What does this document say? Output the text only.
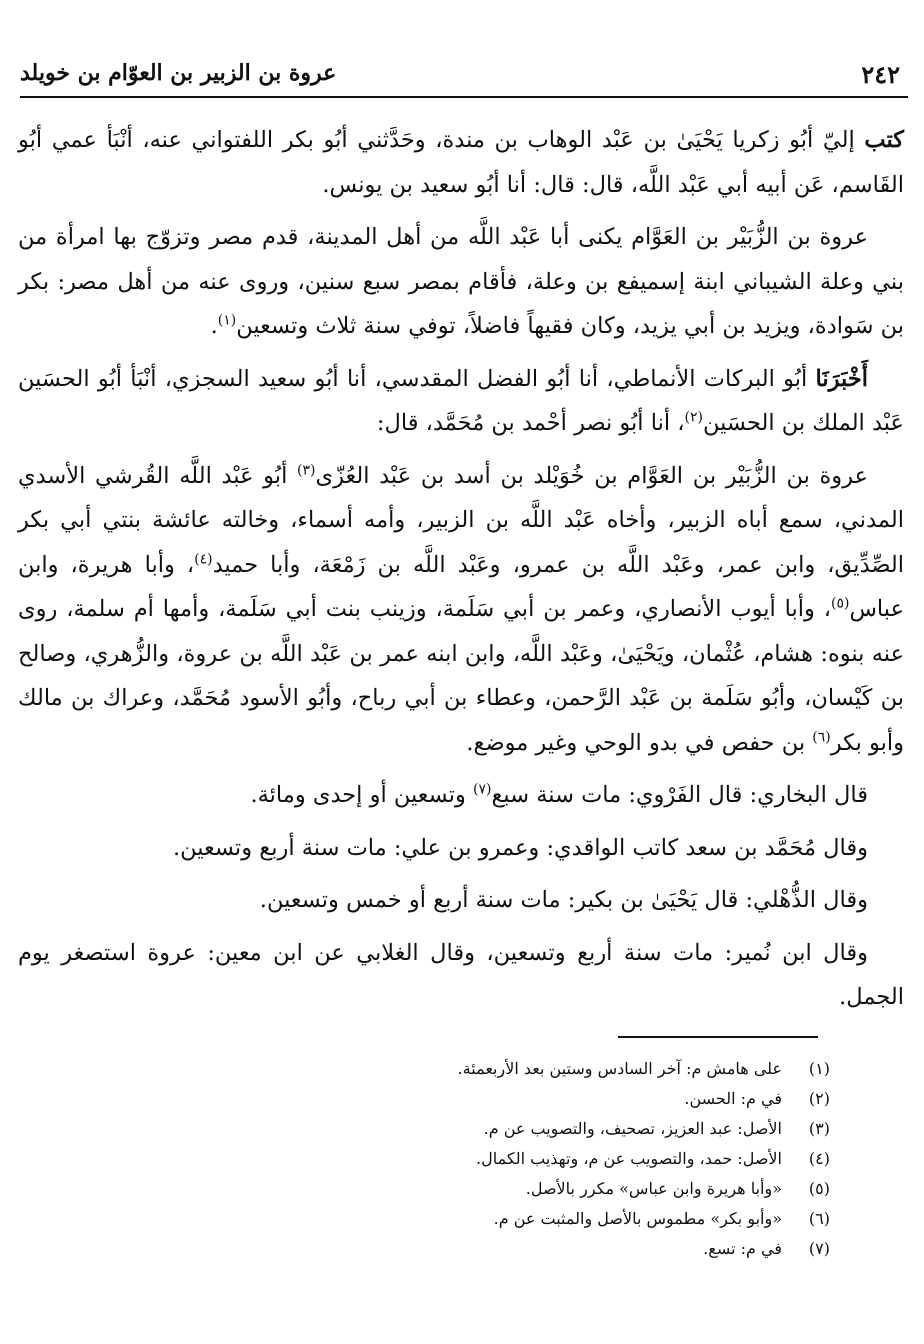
٢٤٢
عروة بن الزبير بن العوّام بن خويلد

كتب إليّ أبُو زكريا يَحْيَىٰ بن عَبْد الوهاب بن مندة، وحَدَّثني أبُو بكر اللفتواني عنه، أنْبَأ عمي أبُو القَاسم، عَن أبيه أبي عَبْد اللَّه، قال: قال: أنا أبُو سعيد بن يونس.

عروة بن الزُّبَيْر بن العَوَّام يكنى أبا عَبْد اللَّه من أهل المدينة، قدم مصر وتزوّج بها امرأة من بني وعلة الشيباني ابنة إسميفع بن وعلة، فأقام بمصر سبع سنين، وروى عنه من أهل مصر: بكر بن سَوادة، ويزيد بن أبي يزيد، وكان فقيهاً فاضلاً، توفي سنة ثلاث وتسعين$^{(١)}$.

أَخْبَرَنَا أبُو البركات الأنماطي، أنا أبُو الفضل المقدسي، أنا أبُو سعيد السجزي، أنْبَأ أبُو الحسَين عَبْد الملك بن الحسَين$^{(٢)}$، أنا أبُو نصر أحْمد بن مُحَمَّد، قال:

عروة بن الزُّبَيْر بن العَوَّام بن خُوَيْلد بن أسد بن عَبْد العُزّى$^{(٣)}$ أبُو عَبْد اللَّه القُرشي الأسدي المدني، سمع أباه الزبير، وأخاه عَبْد اللَّه بن الزبير، وأمه أسماء، وخالته عائشة بنتي أبي بكر الصِّدِّيق، وابن عمر، وعَبْد اللَّه بن عمرو، وعَبْد اللَّه بن زَمْعَة، وأبا حميد$^{(٤)}$، وأبا هريرة، وابن عباس$^{(٥)}$، وأبا أيوب الأنصاري، وعمر بن أبي سَلَمة، وزينب بنت أبي سَلَمة، وأمها أم سلمة، روى عنه بنوه: هشام، عُثْمان، ويَحْيَىٰ، وعَبْد اللَّه، وابن ابنه عمر بن عَبْد اللَّه بن عروة، والزُّهري، وصالح بن كَيْسان، وأبُو سَلَمة بن عَبْد الرَّحمن، وعطاء بن أبي رباح، وأبُو الأسود مُحَمَّد، وعراك بن مالك وأبو بكر$^{(٦)}$ بن حفص في بدو الوحي وغير موضع.

قال البخاري: قال الفَرْوي: مات سنة سبع$^{(٧)}$ وتسعين أو إحدى ومائة.

وقال مُحَمَّد بن سعد كاتب الواقدي: وعمرو بن علي: مات سنة أربع وتسعين.

وقال الذُّهْلي: قال يَحْيَىٰ بن بكير: مات سنة أربع أو خمس وتسعين.

وقال ابن نُمير: مات سنة أربع وتسعين، وقال الغلابي عن ابن معين: عروة استصغر يوم الجمل.

(١)
على هامش م: آخر السادس وستين بعد الأربعمئة.
(٢)
في م: الحسن.
(٣)
الأصل: عبد العزيز، تصحيف، والتصويب عن م.
(٤)
الأصل: حمد، والتصويب عن م، وتهذيب الكمال.
(٥)
«وأبا هريرة وابن عباس» مكرر بالأصل.
(٦)
«وأبو بكر» مطموس بالأصل والمثبت عن م.
(٧)
في م: تسع.
